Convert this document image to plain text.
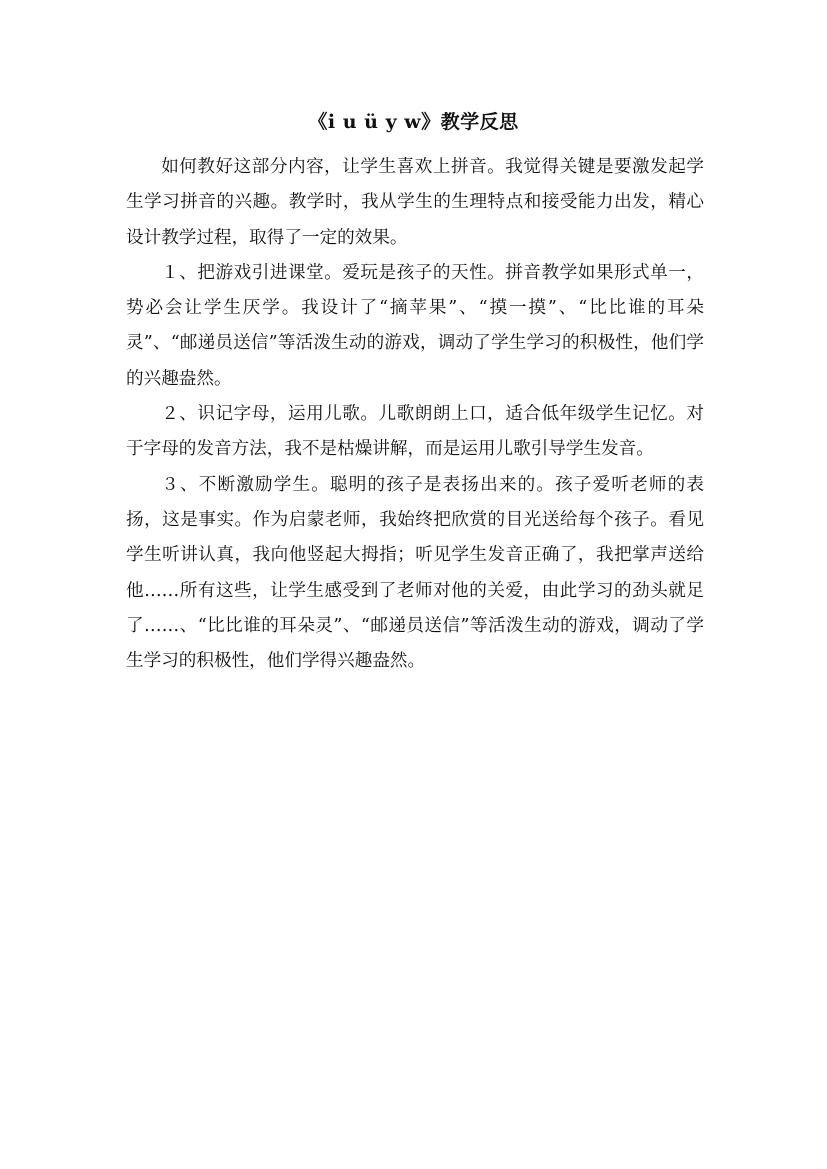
《i u ü y w》教学反思

如何教好这部分内容，让学生喜欢上拼音。我觉得关键是要激发起学生学习拼音的兴趣。教学时，我从学生的生理特点和接受能力出发，精心设计教学过程，取得了一定的效果。

１、把游戏引进课堂。爱玩是孩子的天性。拼音教学如果形式单一，势必会让学生厌学。我设计了“摘苹果”、“摸一摸”、“比比谁的耳朵灵”、“邮递员送信”等活泼生动的游戏，调动了学生学习的积极性，他们学的兴趣盎然。

２、识记字母，运用儿歌。儿歌朗朗上口，适合低年级学生记忆。对于字母的发音方法，我不是枯燥讲解，而是运用儿歌引导学生发音。

３、不断激励学生。聪明的孩子是表扬出来的。孩子爱听老师的表扬，这是事实。作为启蒙老师，我始终把欣赏的目光送给每个孩子。看见学生听讲认真，我向他竖起大拇指；听见学生发音正确了，我把掌声送给他……所有这些，让学生感受到了老师对他的关爱，由此学习的劲头就足了……、“比比谁的耳朵灵”、“邮递员送信”等活泼生动的游戏，调动了学生学习的积极性，他们学得兴趣盎然。
